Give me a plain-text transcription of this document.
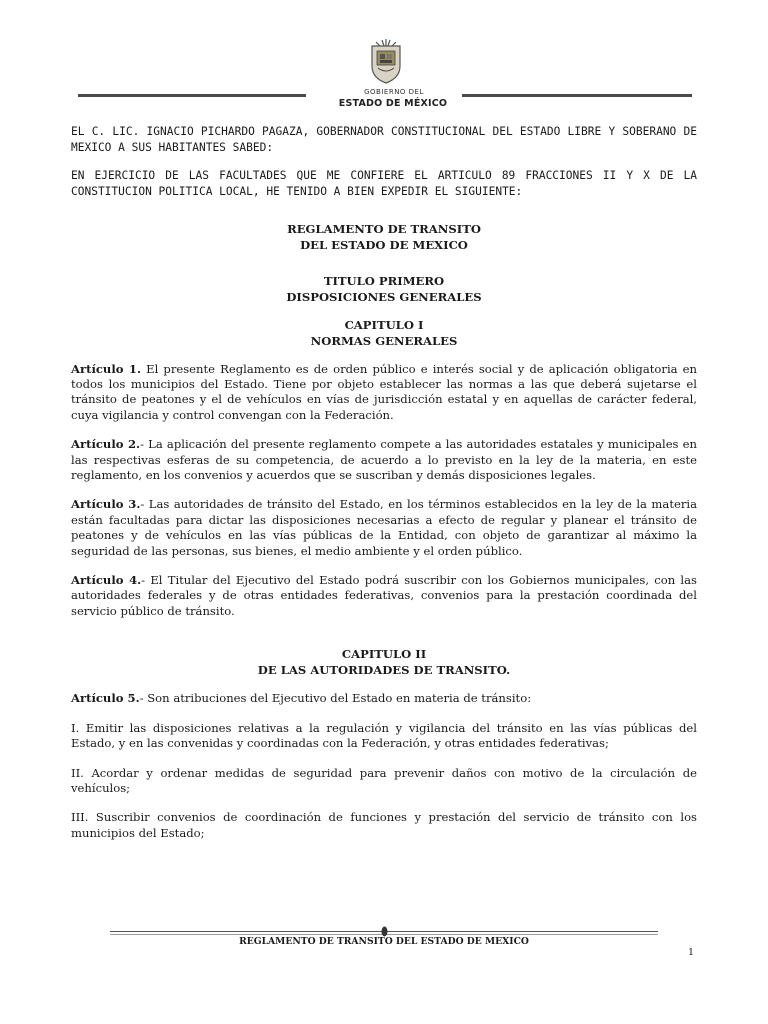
GOBIERNO DEL
ESTADO DE MÉXICO

EL C. LIC. IGNACIO PICHARDO PAGAZA, GOBERNADOR CONSTITUCIONAL DEL ESTADO LIBRE Y SOBERANO DE MEXICO A SUS HABITANTES SABED:

EN EJERCICIO DE LAS FACULTADES QUE ME CONFIERE EL ARTICULO 89 FRACCIONES II Y X DE LA CONSTITUCION POLITICA LOCAL, HE TENIDO A BIEN EXPEDIR EL SIGUIENTE:

REGLAMENTO DE TRANSITO

DEL ESTADO DE MEXICO

TITULO PRIMERO

DISPOSICIONES GENERALES

CAPITULO I

NORMAS GENERALES

Artículo 1. El presente Reglamento es de orden público e interés social y de aplicación obligatoria en todos los municipios del Estado. Tiene por objeto establecer las normas a las que deberá sujetarse el tránsito de peatones y el de vehículos en vías de jurisdicción estatal y en aquellas de carácter federal, cuya vigilancia y control convengan con la Federación.

Artículo 2.- La aplicación del presente reglamento compete a las autoridades estatales y municipales en las respectivas esferas de su competencia, de acuerdo a lo previsto en la ley de la materia, en este reglamento, en los convenios y acuerdos que se suscriban y demás disposiciones legales.

Artículo 3.- Las autoridades de tránsito del Estado, en los términos establecidos en la ley de la materia están facultadas para dictar las disposiciones necesarias a efecto de regular y planear el tránsito de peatones y de vehículos en las vías públicas de la Entidad, con objeto de garantizar al máximo la seguridad de las personas, sus bienes, el medio ambiente y el orden público.

Artículo 4.- El Titular del Ejecutivo del Estado podrá suscribir con los Gobiernos municipales, con las autoridades federales y de otras entidades federativas, convenios para la prestación coordinada del servicio público de tránsito.

CAPITULO II

DE LAS AUTORIDADES DE TRANSITO.

Artículo 5.- Son atribuciones del Ejecutivo del Estado en materia de tránsito:

I. Emitir las disposiciones relativas a la regulación y vigilancia del tránsito en las vías públicas del Estado, y en las convenidas y coordinadas con la Federación, y otras entidades federativas;

II. Acordar y ordenar medidas de seguridad para prevenir daños con motivo de la circulación de vehículos;

III. Suscribir convenios de coordinación de funciones y prestación del servicio de tránsito con los municipios del Estado;

REGLAMENTO DE TRANSITO DEL ESTADO DE MEXICO
1
